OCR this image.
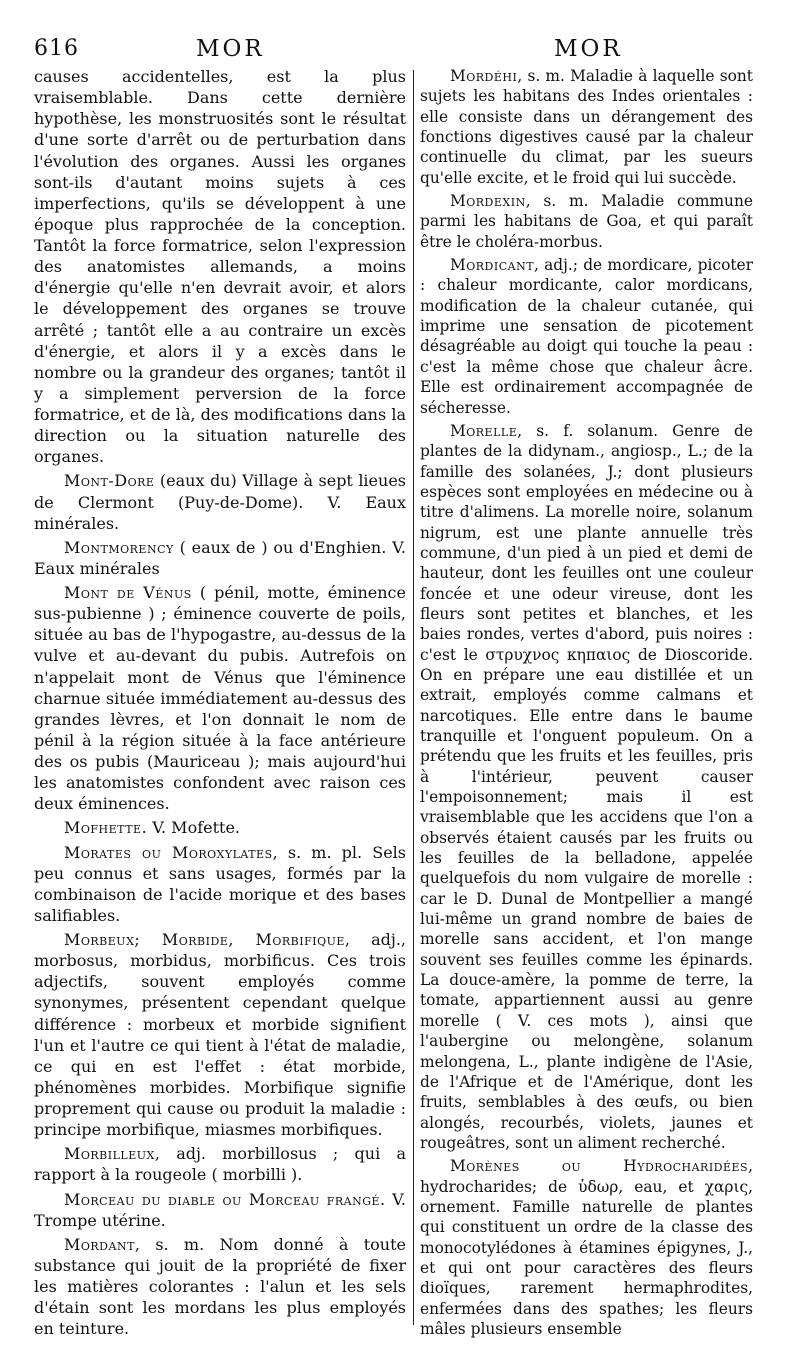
616	MOR	MOR

causes accidentelles, est la plus vraisemblable. Dans cette dernière hypothèse, les monstruosités sont le résultat d'une sorte d'arrêt ou de perturbation dans l'évolution des organes. Aussi les organes sont-ils d'autant moins sujets à ces imperfections, qu'ils se développent à une époque plus rapprochée de la conception. Tantôt la force formatrice, selon l'expression des anatomistes allemands, a moins d'énergie qu'elle n'en devrait avoir, et alors le développement des organes se trouve arrêté ; tantôt elle a au contraire un excès d'énergie, et alors il y a excès dans le nombre ou la grandeur des organes; tantôt il y a simplement perversion de la force formatrice, et de là, des modifications dans la direction ou la situation naturelle des organes.

Mont-Dore (eaux du) Village à sept lieues de Clermont (Puy-de-Dome). V. Eaux minérales.

Montmorency ( eaux de ) ou d'Enghien. V. Eaux minérales

Mont de Vénus ( pénil, motte, éminence sus-pubienne ) ; éminence couverte de poils, située au bas de l'hypogastre, au-dessus de la vulve et au-devant du pubis. Autrefois on n'appelait mont de Vénus que l'éminence charnue située immédiatement au-dessus des grandes lèvres, et l'on donnait le nom de pénil à la région située à la face antérieure des os pubis (Mauriceau ); mais aujourd'hui les anatomistes confondent avec raison ces deux éminences.

Mofhette. V. Mofette.

Morates ou Moroxylates, s. m. pl. Sels peu connus et sans usages, formés par la combinaison de l'acide morique et des bases salifiables.

Morbeux; Morbide, Morbifique, adj., morbosus, morbidus, morbificus. Ces trois adjectifs, souvent employés comme synonymes, présentent cependant quelque différence : morbeux et morbide signifient l'un et l'autre ce qui tient à l'état de maladie, ce qui en est l'effet : état morbide, phénomènes morbides. Morbifique signifie proprement qui cause ou produit la maladie : principe morbifique, miasmes morbifiques.

Morbilleux, adj. morbillosus ; qui a rapport à la rougeole ( morbilli ).

Morceau du diable ou Morceau frangé. V. Trompe utérine.

Mordant, s. m. Nom donné à toute substance qui jouit de la propriété de fixer les matières colorantes : l'alun et les sels d'étain sont les mordans les plus employés en teinture.

Mordéhi, s. m. Maladie à laquelle sont sujets les habitans des Indes orientales : elle consiste dans un dérangement des fonctions digestives causé par la chaleur continuelle du climat, par les sueurs qu'elle excite, et le froid qui lui succède.

Mordexin, s. m. Maladie commune parmi les habitans de Goa, et qui paraît être le choléra-morbus.

Mordicant, adj.; de mordicare, picoter : chaleur mordicante, calor mordicans, modification de la chaleur cutanée, qui imprime une sensation de picotement désagréable au doigt qui touche la peau : c'est la même chose que chaleur âcre. Elle est ordinairement accompagnée de sécheresse.

Morelle, s. f. solanum. Genre de plantes de la didynam., angiosp., L.; de la famille des solanées, J.; dont plusieurs espèces sont employées en médecine ou à titre d'alimens. La morelle noire, solanum nigrum, est une plante annuelle très commune, d'un pied à un pied et demi de hauteur, dont les feuilles ont une couleur foncée et une odeur vireuse, dont les fleurs sont petites et blanches, et les baies rondes, vertes d'abord, puis noires : c'est le στρυχνος κηπαιος de Dioscoride. On en prépare une eau distillée et un extrait, employés comme calmans et narcotiques. Elle entre dans le baume tranquille et l'onguent populeum. On a prétendu que les fruits et les feuilles, pris à l'intérieur, peuvent causer l'empoisonnement; mais il est vraisemblable que les accidens que l'on a observés étaient causés par les fruits ou les feuilles de la belladone, appelée quelquefois du nom vulgaire de morelle : car le D. Dunal de Montpellier a mangé lui-même un grand nombre de baies de morelle sans accident, et l'on mange souvent ses feuilles comme les épinards. La douce-amère, la pomme de terre, la tomate, appartiennent aussi au genre morelle ( V. ces mots ), ainsi que l'aubergine ou melongène, solanum melongena, L., plante indigène de l'Asie, de l'Afrique et de l'Amérique, dont les fruits, semblables à des œufs, ou bien alongés, recourbés, violets, jaunes et rougeâtres, sont un aliment recherché.

Morènes ou Hydrocharidées, hydrocharides; de ὑδωρ, eau, et χαρις, ornement. Famille naturelle de plantes qui constituent un ordre de la classe des monocotylédones à étamines épigynes, J., et qui ont pour caractères des fleurs dioïques, rarement hermaphrodites, enfermées dans des spathes; les fleurs mâles plusieurs ensemble
